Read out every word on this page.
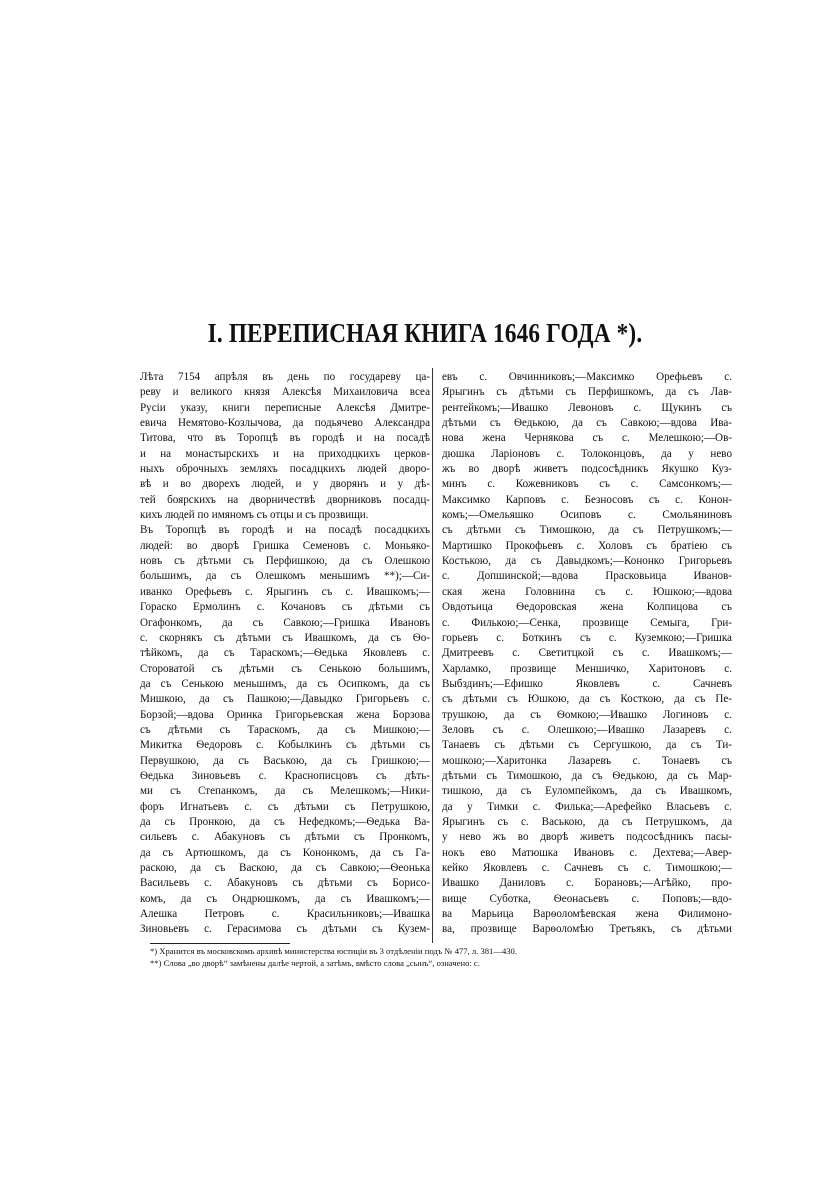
I. ПЕРЕПИСНАЯ КНИГА 1646 ГОДА *).
Лѣта 7154 апрѣля въ день по государеву ца-
реву и великого князя Алексѣя Михаиловича всеа
Русіи указу, книги переписные Алексѣя Дмитре-
евича Немятово-Козлычова, да подьячево Александра
Титова, что въ Торопцѣ въ городѣ и на посадѣ
и на монастырскихъ и на приходцкихъ церков-
ныхъ оброчныхъ земляхъ посадцкихъ людей дворо-
вѣ и во дворехъ людей, и у дворянъ и у дѣ-
тей боярскихъ на дворничествѣ дворниковъ посадц-
кихъ людей по имяномъ съ отцы и съ прозвищи.
Въ Торопцѣ въ городѣ и на посадѣ посадцкихъ
людей: во дворѣ Гришка Семеновъ с. Моньяко-
новъ съ дѣтьми съ Перфишкою, да съ Олешкою
большимъ, да съ Олешкомъ меньшимъ **);—Си-
иванко Орефьевъ с. Ярыгинъ съ с. Ивашкомъ;—
Гораско Ермолинъ с. Кочановъ съ дѣтьми съ
Огафонкомъ, да съ Савкою;—Гришка Ивановъ
с. скорнякъ съ дѣтьми съ Ивашкомъ, да съ Ѳо-
тѣйкомъ, да съ Тараскомъ;—Ѳедька Яковлевъ с.
Стороватой съ дѣтьми съ Сенькою большимъ,
да съ Сенькою меньшимъ, да съ Осипкомъ, да съ
Мишкою, да съ Пашкою;—Давыдко Григорьевъ с.
Борзой;—вдова Оринка Григорьевская жена Борзова
съ дѣтьми съ Тараскомъ, да съ Мишкою;—
Микитка Ѳедоровъ с. Кобылкинъ съ дѣтьми съ
Первушкою, да съ Ваською, да съ Гришкою;—
Ѳедька Зиновьевъ с. Краснописцовъ съ дѣть-
ми съ Степанкомъ, да съ Мелешкомъ;—Ники-
форъ Игнатьевъ с. съ дѣтьми съ Петрушкою,
да съ Пронкою, да съ Нефедкомъ;—Ѳедька Ва-
сильевъ с. Абакуновъ съ дѣтьми съ Пронкомъ,
да съ Артюшкомъ, да съ Кононкомъ, да съ Га-
раскою, да съ Васкою, да съ Савкою;—Ѳеонька
Васильевъ с. Абакуновъ съ дѣтьми съ Борисо-
комъ, да съ Ондрюшкомъ, да съ Ивашкомъ;—
Алешка Петровъ с. Красильниковъ;—Ивашка
Зиновьевъ с. Герасимова съ дѣтьми съ Кузем-
евъ с. Овчинниковъ;—Максимко Орефьевъ с.
Ярыгинъ съ дѣтьми съ Перфишкомъ, да съ Лав-
рентейкомъ;—Ивашко Левоновъ с. Щукинъ съ
дѣтьми съ Ѳедькою, да съ Савкою;—вдова Ива-
нова жена Чернякова съ с. Мелешкою;—Ов-
дюшка Ларіоновъ с. Толоконцовъ, да у нево
жъ во дворѣ живетъ подсосѣдникъ Якушко Куз-
минъ с. Кожевниковъ съ с. Самсонкомъ;—
Максимко Карповъ с. Безносовъ съ с. Конон-
комъ;—Омельяшко Осиповъ с. Смольяниновъ
съ дѣтьми съ Тимошкою, да съ Петрушкомъ;—
Мартишко Прокофьевъ с. Холовъ съ братіею съ
Костькою, да съ Давыдкомъ;—Кононко Григорьевъ
с. Допшинской;—вдова Прасковьица Иванов-
ская жена Головнина съ с. Юшкою;—вдова
Овдотьица Ѳедоровская жена Колпицова съ
с. Филькою;—Сенка, прозвище Семыга, Гри-
горьевъ с. Боткинъ съ с. Куземкою;—Гришка
Дмитреевъ с. Светитцкой съ с. Ивашкомъ;—
Харламко, прозвище Меншичко, Харитоновъ с.
Выбздинъ;—Ефишко Яковлевъ с. Сачневъ
съ дѣтьми съ Юшкою, да съ Косткою, да съ Пе-
трушкою, да съ Ѳомкою;—Ивашко Логиновъ с.
Зеловъ съ с. Олешкою;—Ивашко Лазаревъ с.
Танаевъ съ дѣтьми съ Сергушкою, да съ Ти-
мошкою;—Харитонка Лазаревъ с. Тонаевъ съ
дѣтьми съ Тимошкою, да съ Ѳедькою, да съ Мар-
тишкою, да съ Еуломпейкомъ, да съ Ивашкомъ,
да у Тимки с. Филька;—Арефейко Власьевъ с.
Ярыгинъ съ с. Ваською, да съ Петрушкомъ, да
у нево жъ во дворѣ живетъ подсосѣдникъ пасы-
нокъ ево Матюшка Ивановъ с. Дехтева;—Авер-
кейко Яковлевъ с. Сачневъ съ с. Тимошкою;—
Ивашко Даниловъ с. Борановъ;—Агѣйко, про-
вище Суботка, Ѳеонасьевъ с. Поповъ;—вдо-
ва Марьица Варѳоломѣевская жена Филимоно-
ва, прозвище Варѳоломѣю Третьякъ, съ дѣтьми
*) Хранится въ московскомъ архивѣ министерства юстиціи въ 3 отдѣленіи подъ № 477, л. 381—430.
**) Слова „во дворѣ“ замѣнены далѣе чертой, а затѣмъ, вмѣсто слова „сынъ“, означено: с.
